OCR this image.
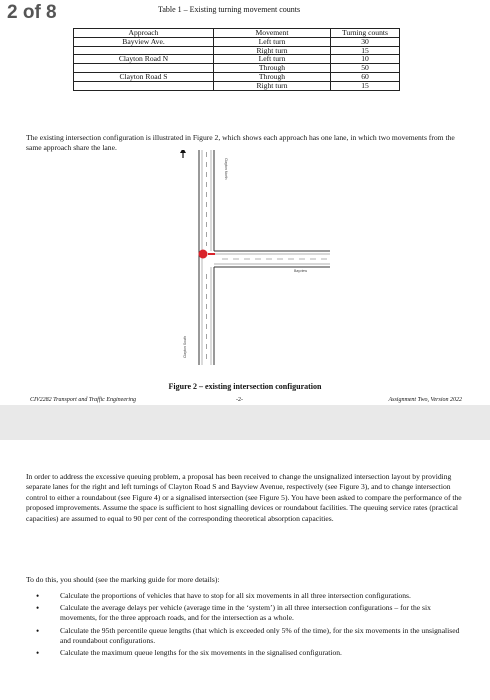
2 of 8	Table 1 – Existing turning movement counts
Approach	Movement	Turning counts
Bayview Ave.	Left turn	30
	Right turn	15
Clayton Road N	Left turn	10
	Through	50
Clayton Road S	Through	60
	Right turn	15
The existing intersection configuration is illustrated in Figure 2, which shows each approach has one lane, in which two movements from the same approach share the lane.
Clayton North
Clayton South
Bayview
Figure 2 – existing intersection configuration
CIV2282 Transport and Traffic Engineering	-2-	Assignment Two, Version 2022
In order to address the excessive queuing problem, a proposal has been received to change the unsignalized intersection layout by providing separate lanes for the right and left turnings of Clayton Road S and Bayview Avenue, respectively (see Figure 3), and to change intersection control to either a roundabout (see Figure 4) or a signalised intersection (see Figure 5). You have been asked to compare the performance of the proposed improvements. Assume the space is sufficient to host signalling devices or roundabout facilities. The queuing service rates (practical capacities) are assumed to equal to 90 per cent of the corresponding theoretical absorption capacities.
To do this, you should (see the marking guide for more details):
•	Calculate the proportions of vehicles that have to stop for all six movements in all three intersection configurations.
•	Calculate the average delays per vehicle (average time in the ‘system’) in all three intersection configurations – for the six movements, for the three approach roads, and for the intersection as a whole.
•	Calculate the 95th percentile queue lengths (that which is exceeded only 5% of the time), for the six movements in the unsignalised and roundabout configurations.
•	Calculate the maximum queue lengths for the six movements in the signalised configuration.
